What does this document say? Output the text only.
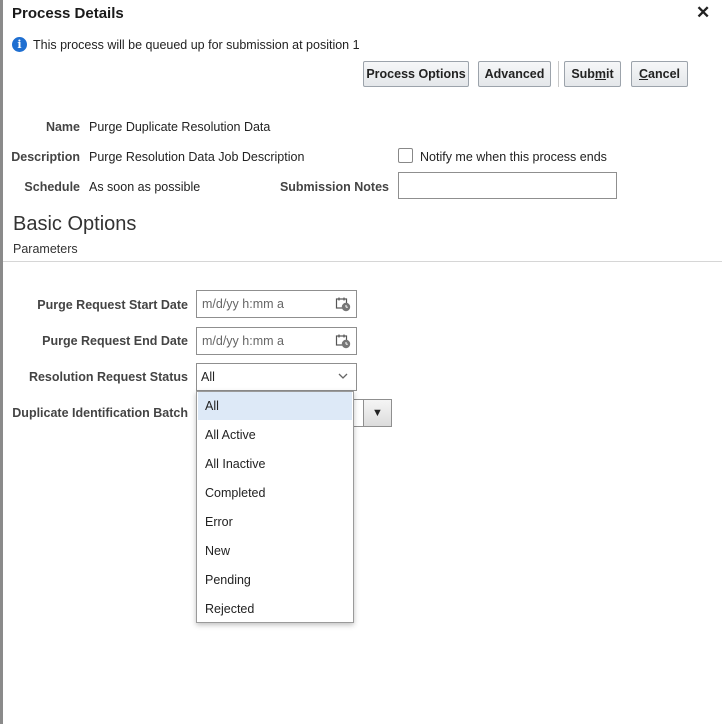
Process Details	✕
i This process will be queued up for submission at position 1
Process Options	Advanced	Sub m it C ancel
Name Purge Duplicate Resolution Data
Description Purge Resolution Data Job Description	Notify me when this process ends
Schedule As soon as possible	Submission Notes
Basic Options
Parameters
Purge Request Start Date m/d/yy h:mm a
Purge Request End Date m/d/yy h:mm a
Resolution Request Status All
Duplicate Identification Batch	▼
All
All Active
All Inactive
Completed
Error
New
Pending
Rejected
